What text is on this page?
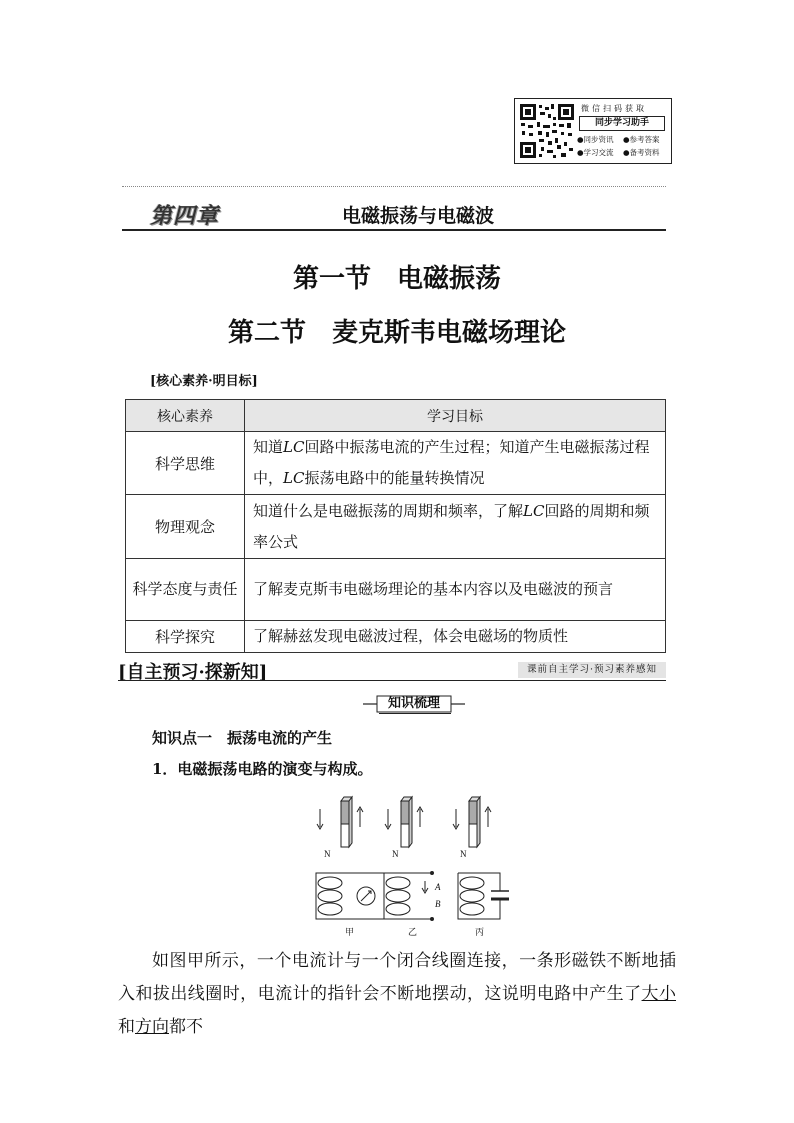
微信扫码获取
同步学习助手
●同步资讯 ●参考答案
●学习交流 ●备考资料
第四章	电磁振荡与电磁波
第一节　电磁振荡
第二节　麦克斯韦电磁场理论
[核心素养·明目标]
核心素养	学习目标
科学思维	知道LC回路中振荡电流的产生过程；知道产生电磁振荡过程中，LC振荡电路中的能量转换情况
物理观念	知道什么是电磁振荡的周期和频率，了解LC回路的周期和频率公式
科学态度与责任	了解麦克斯韦电磁场理论的基本内容以及电磁波的预言
科学探究	了解赫兹发现电磁波过程，体会电磁场的物质性
[自主预习·探新知]	课前自主学习·预习素养感知
知识梳理
知识点一　振荡电流的产生
1．电磁振荡电路的演变与构成。
N	N	N
A
B
甲	乙	丙
如图甲所示，一个电流计与一个闭合线圈连接，一条形磁铁不断地插入和拔出线圈时，电流计的指针会不断地摆动，这说明电路中产生了大小和方向都不
